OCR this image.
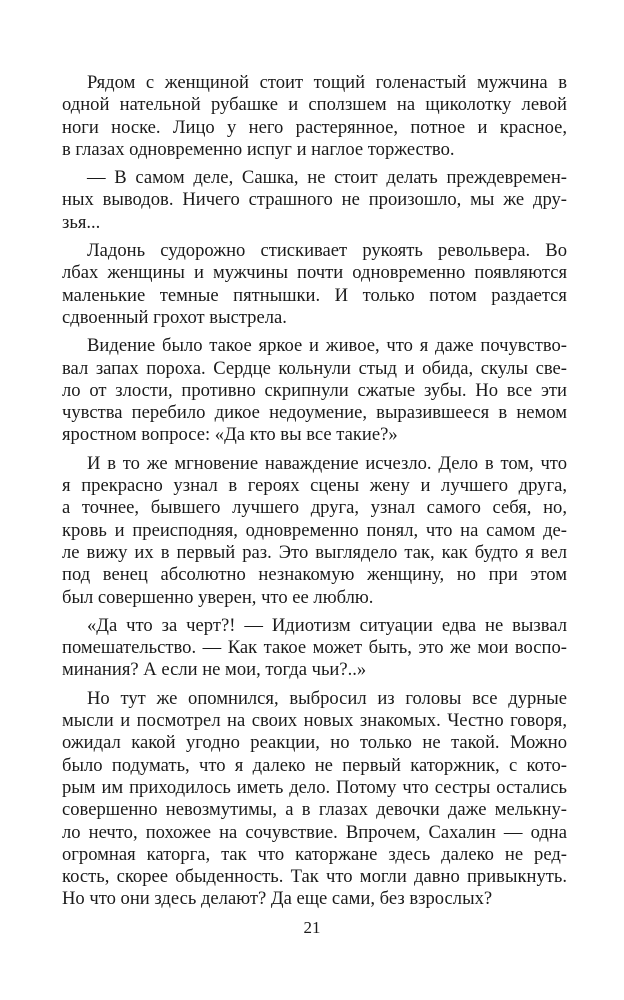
Рядом с женщиной стоит тощий голенастый мужчина в
одной нательной рубашке и сползшем на щиколотку левой
ноги носке. Лицо у него растерянное, потное и красное,
в глазах одновременно испуг и наглое торжество.
— В самом деле, Сашка, не стоит делать преждевремен-
ных выводов. Ничего страшного не произошло, мы же дру-
зья...
Ладонь судорожно стискивает рукоять револьвера. Во
лбах женщины и мужчины почти одновременно появляются
маленькие темные пятнышки. И только потом раздается
сдвоенный грохот выстрела.
Видение было такое яркое и живое, что я даже почувство-
вал запах пороха. Сердце кольнули стыд и обида, скулы све-
ло от злости, противно скрипнули сжатые зубы. Но все эти
чувства перебило дикое недоумение, выразившееся в немом
яростном вопросе: «Да кто вы все такие?»
И в то же мгновение наваждение исчезло. Дело в том, что
я прекрасно узнал в героях сцены жену и лучшего друга,
а точнее, бывшего лучшего друга, узнал самого себя, но,
кровь и преисподняя, одновременно понял, что на самом де-
ле вижу их в первый раз. Это выглядело так, как будто я вел
под венец абсолютно незнакомую женщину, но при этом
был совершенно уверен, что ее люблю.
«Да что за черт?! — Идиотизм ситуации едва не вызвал
помешательство. — Как такое может быть, это же мои воспо-
минания? А если не мои, тогда чьи?..»
Но тут же опомнился, выбросил из головы все дурные
мысли и посмотрел на своих новых знакомых. Честно говоря,
ожидал какой угодно реакции, но только не такой. Можно
было подумать, что я далеко не первый каторжник, с кото-
рым им приходилось иметь дело. Потому что сестры остались
совершенно невозмутимы, а в глазах девочки даже мелькну-
ло нечто, похожее на сочувствие. Впрочем, Сахалин — одна
огромная каторга, так что каторжане здесь далеко не ред-
кость, скорее обыденность. Так что могли давно привыкнуть.
Но что они здесь делают? Да еще сами, без взрослых?
21
